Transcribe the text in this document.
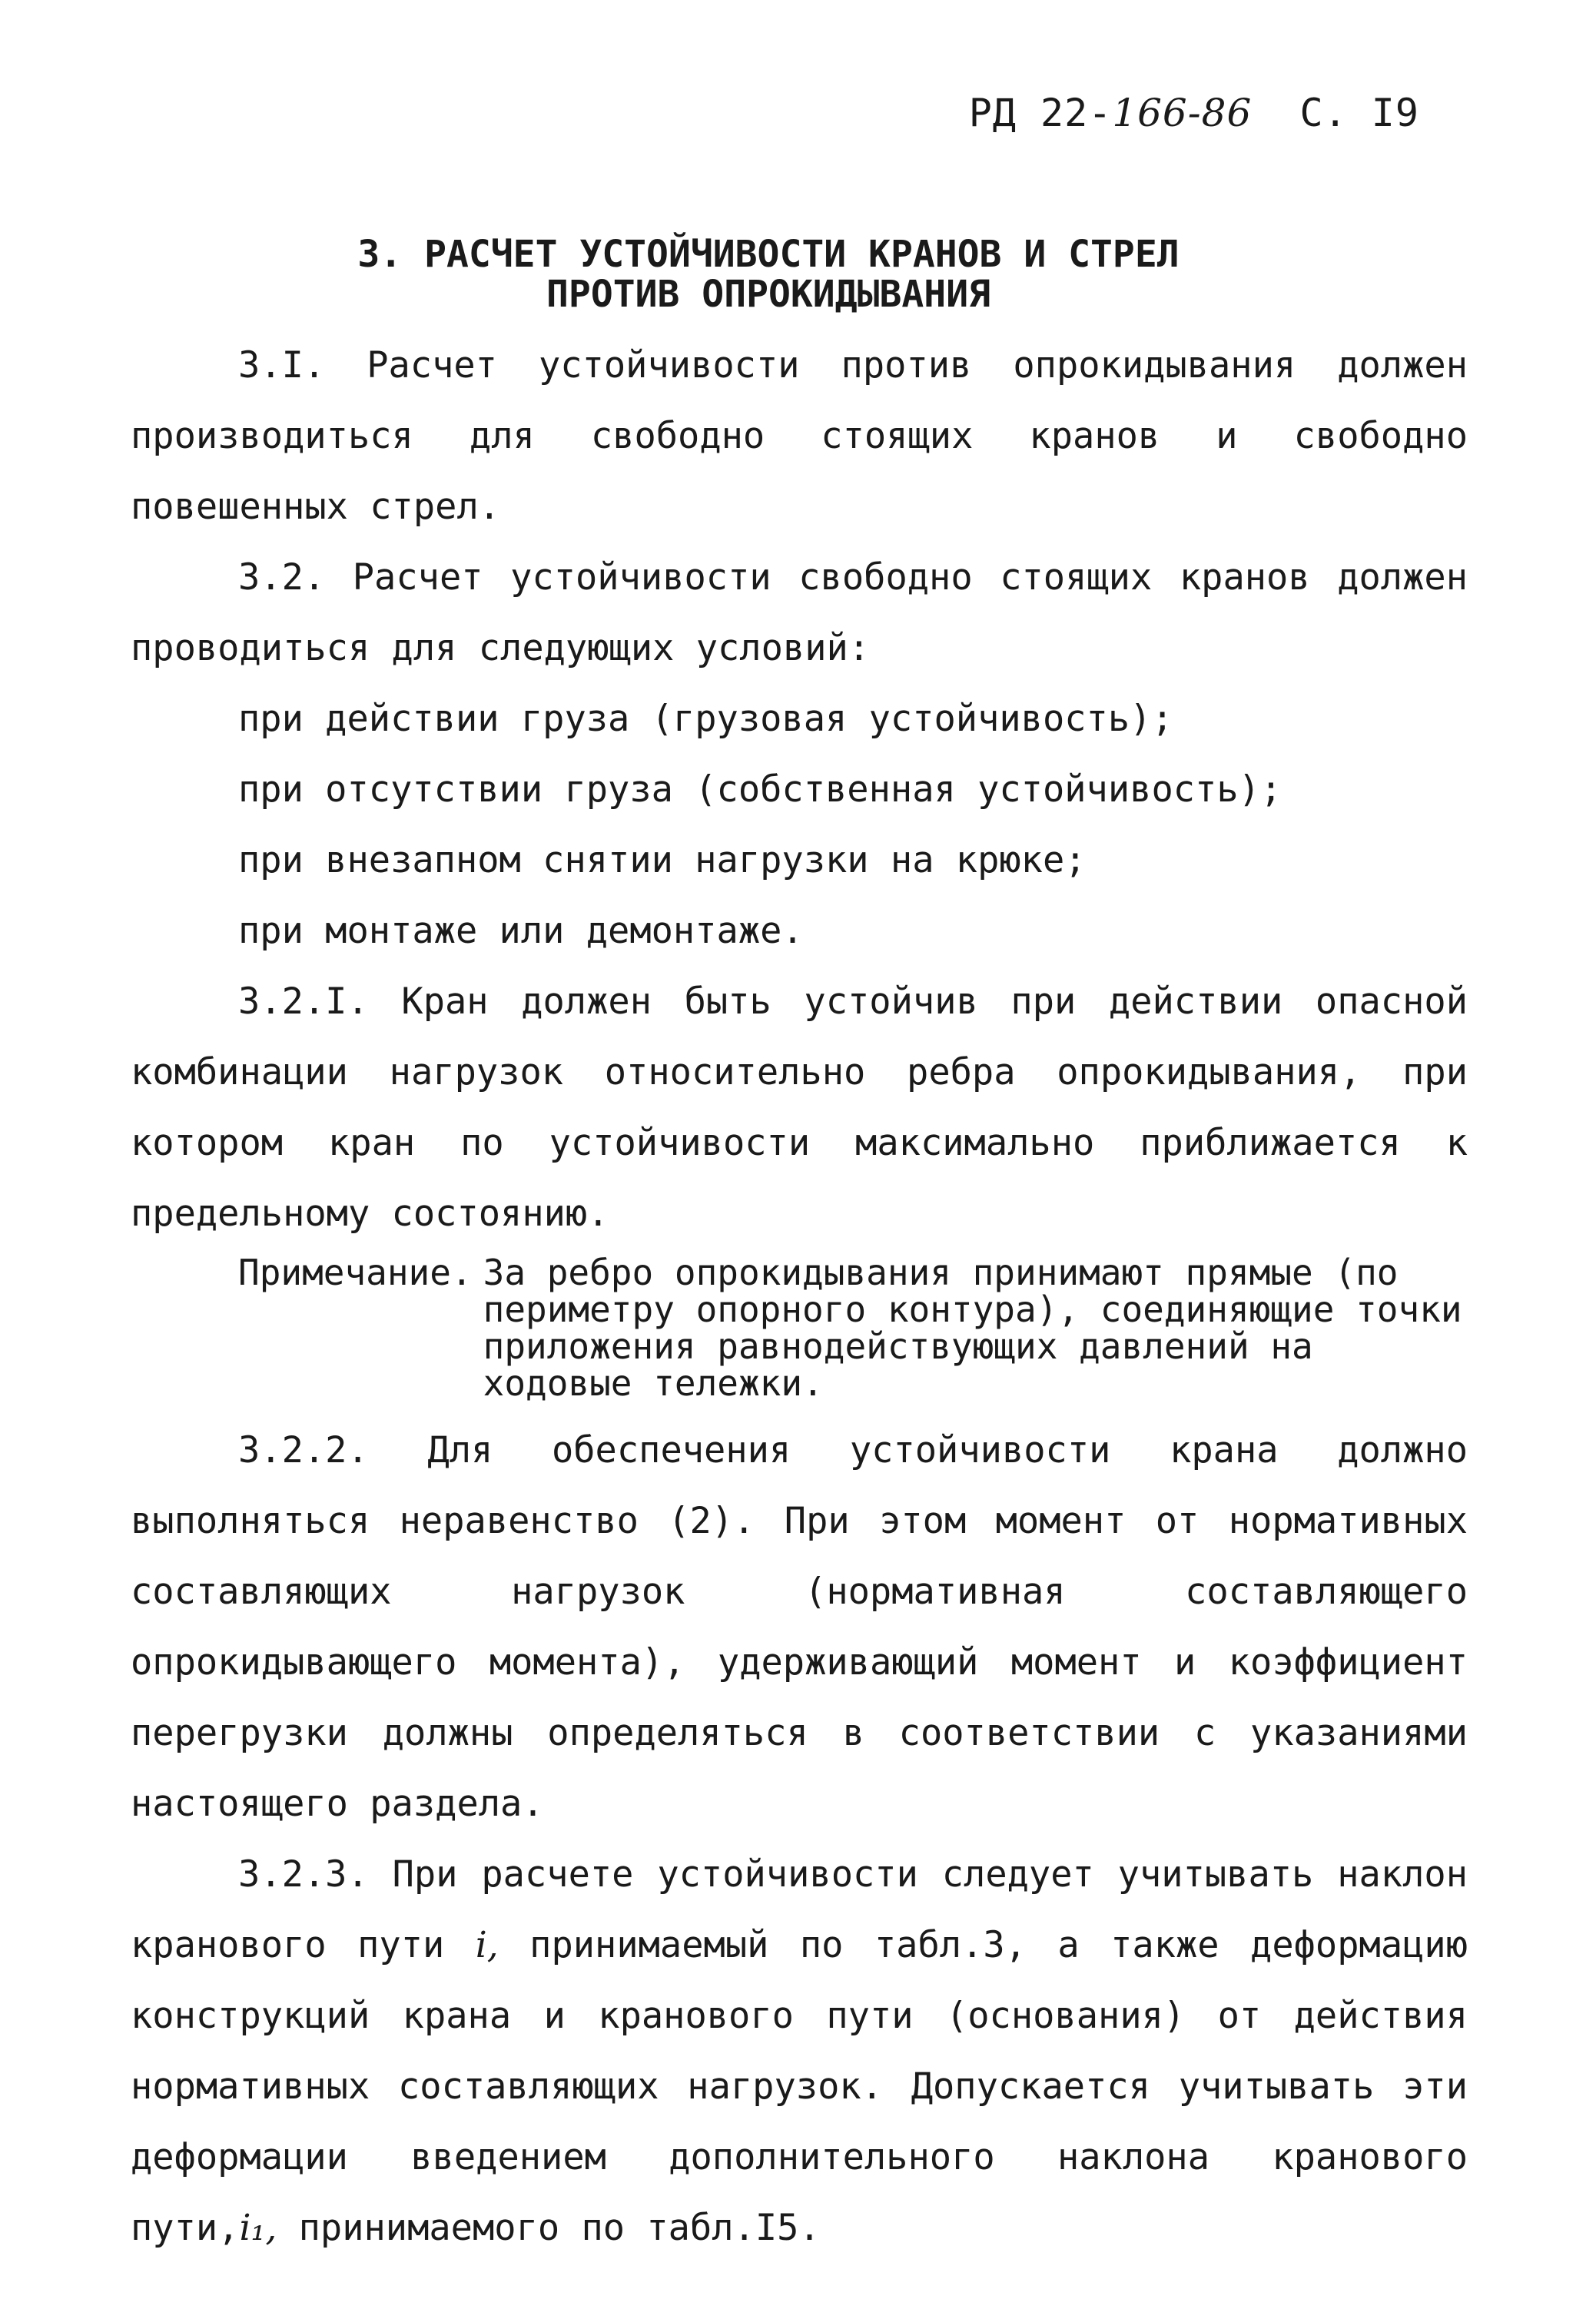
РД 22-166-86 С. I9
3. РАСЧЕТ УСТОЙЧИВОСТИ КРАНОВ И СТРЕЛ
ПРОТИВ ОПРОКИДЫВАНИЯ

3.I. Расчет устойчивости против опрокидывания должен производиться для свободно стоящих кранов и свободно повешенных стрел.

3.2. Расчет устойчивости свободно стоящих кранов должен проводиться для следующих условий:

при действии груза (грузовая устойчивость);

при отсутствии груза (собственная устойчивость);

при внезапном снятии нагрузки на крюке;

при монтаже или демонтаже.

3.2.I. Кран должен быть устойчив при действии опасной комбинации нагрузок относительно ребра опрокидывания, при котором кран по устойчивости максимально приближается к предельному состоянию.

Примечание. За ребро опрокидывания принимают прямые (по периметру опорного контура), соединяющие точки приложения равнодействующих давлений на ходовые тележки.

3.2.2. Для обеспечения устойчивости крана должно выполняться неравенство (2). При этом момент от нормативных составляющих нагрузок (нормативная составляющего опрокидывающего момента), удерживающий момент и коэффициент перегрузки должны определяться в соответствии с указаниями настоящего раздела.

3.2.3. При расчете устойчивости следует учитывать наклон кранового пути i, принимаемый по табл.3, а также деформацию конструкций крана и кранового пути (основания) от действия нормативных составляющих нагрузок. Допускается учитывать эти деформации введением дополнительного наклона кранового пути,i₁, принимаемого по табл.I5.
